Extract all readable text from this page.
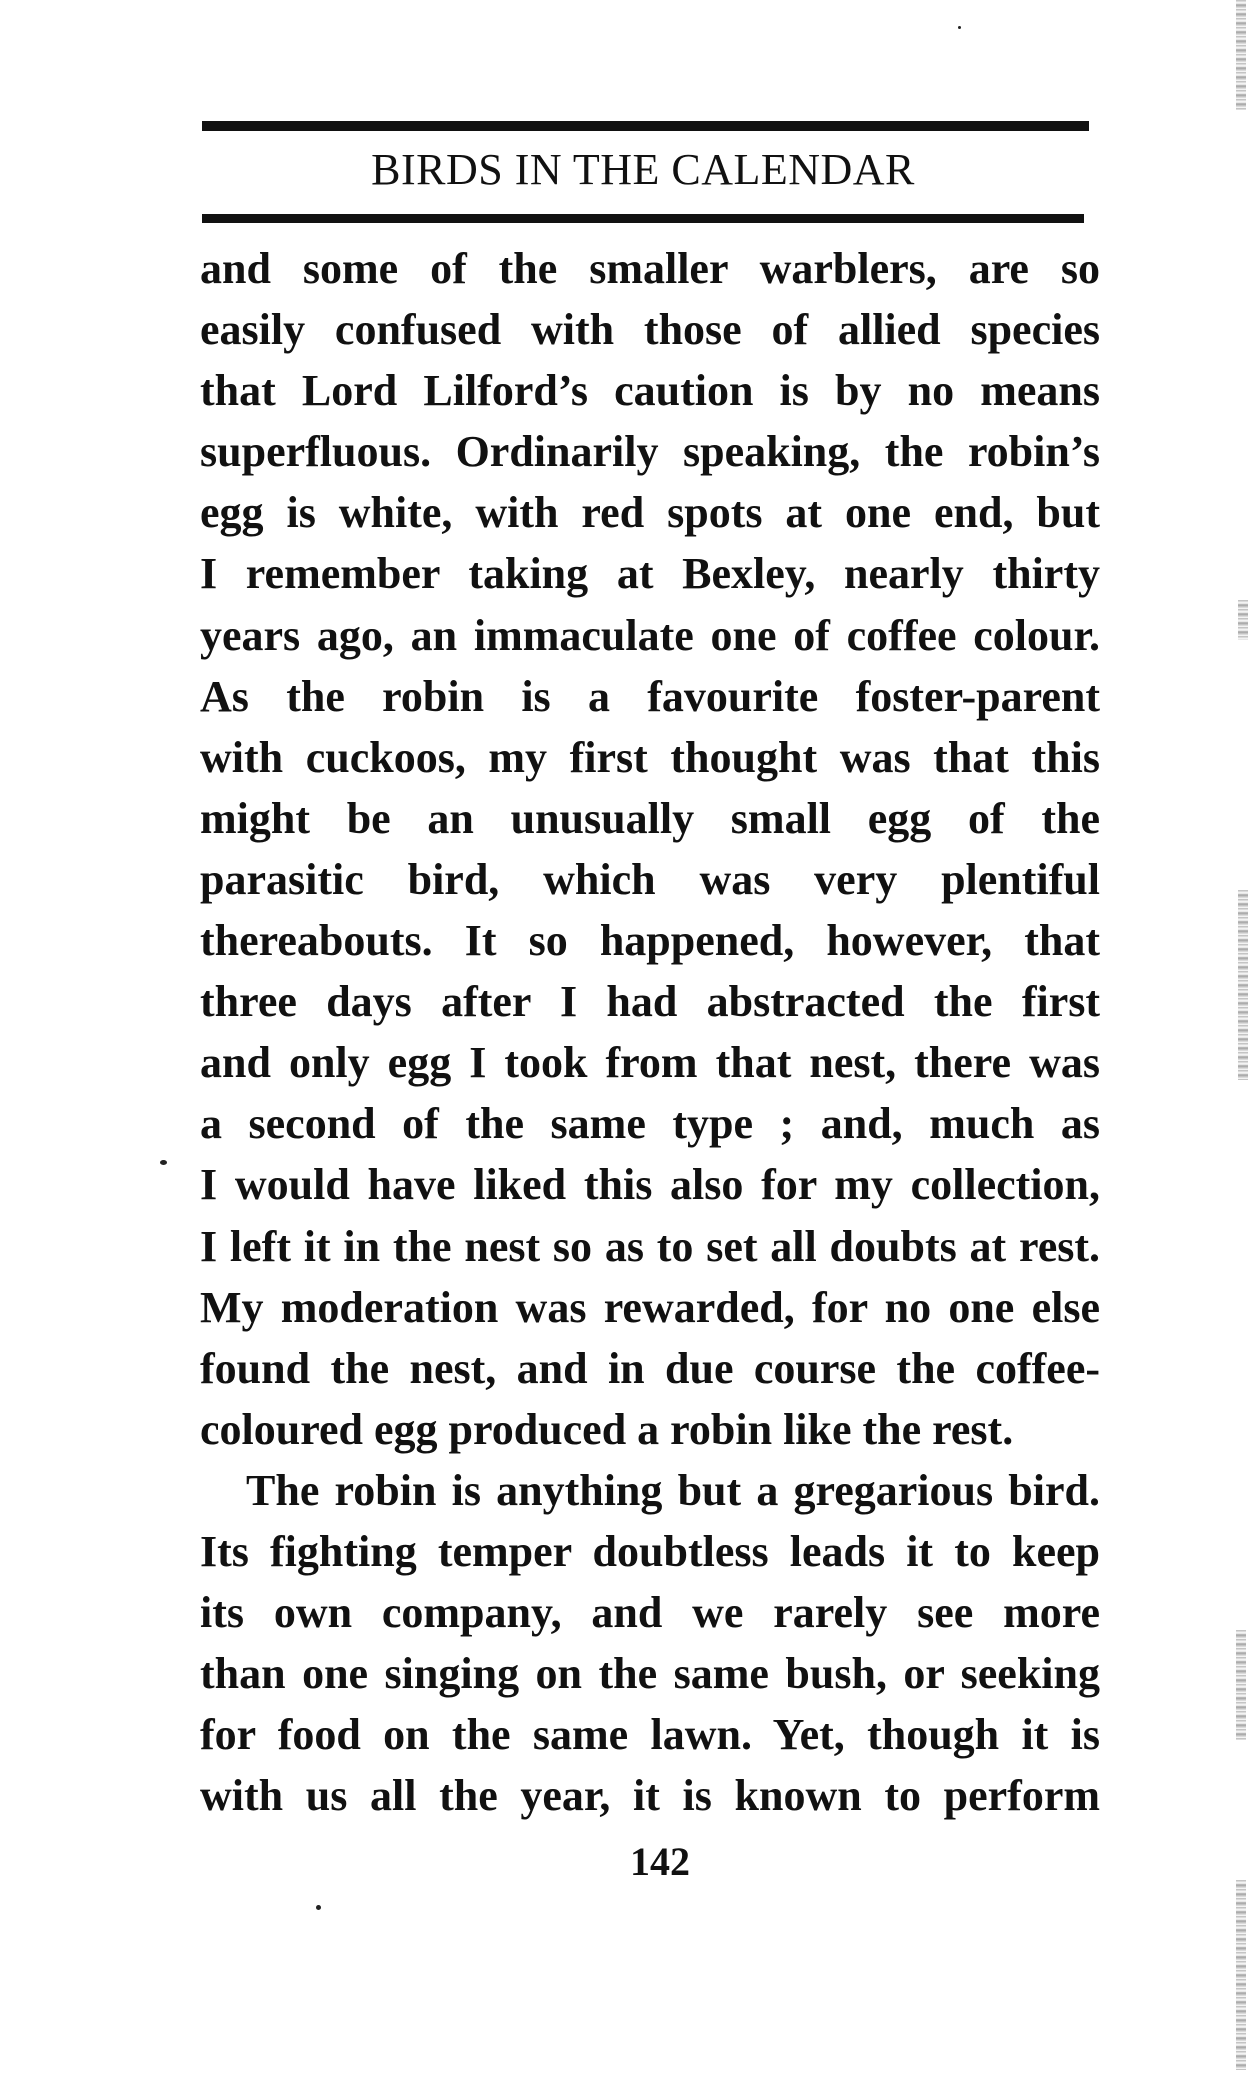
BIRDS IN THE CALENDAR
and some of the smaller warblers, are so
easily confused with those of allied species
that Lord Lilford’s caution is by no means
superfluous. Ordinarily speaking, the robin’s
egg is white, with red spots at one end, but
I remember taking at Bexley, nearly thirty
years ago, an immaculate one of coffee colour.
As the robin is a favourite foster-parent
with cuckoos, my first thought was that this
might be an unusually small egg of the
parasitic bird, which was very plentiful
thereabouts. It so happened, however, that
three days after I had abstracted the first
and only egg I took from that nest, there was
a second of the same type ; and, much as
I would have liked this also for my collection,
I left it in the nest so as to set all doubts at rest.
My moderation was rewarded, for no one else
found the nest, and in due course the coffee-
coloured egg produced a robin like the rest.
The robin is anything but a gregarious bird.
Its fighting temper doubtless leads it to keep
its own company, and we rarely see more
than one singing on the same bush, or seeking
for food on the same lawn. Yet, though it is
with us all the year, it is known to perform
142
